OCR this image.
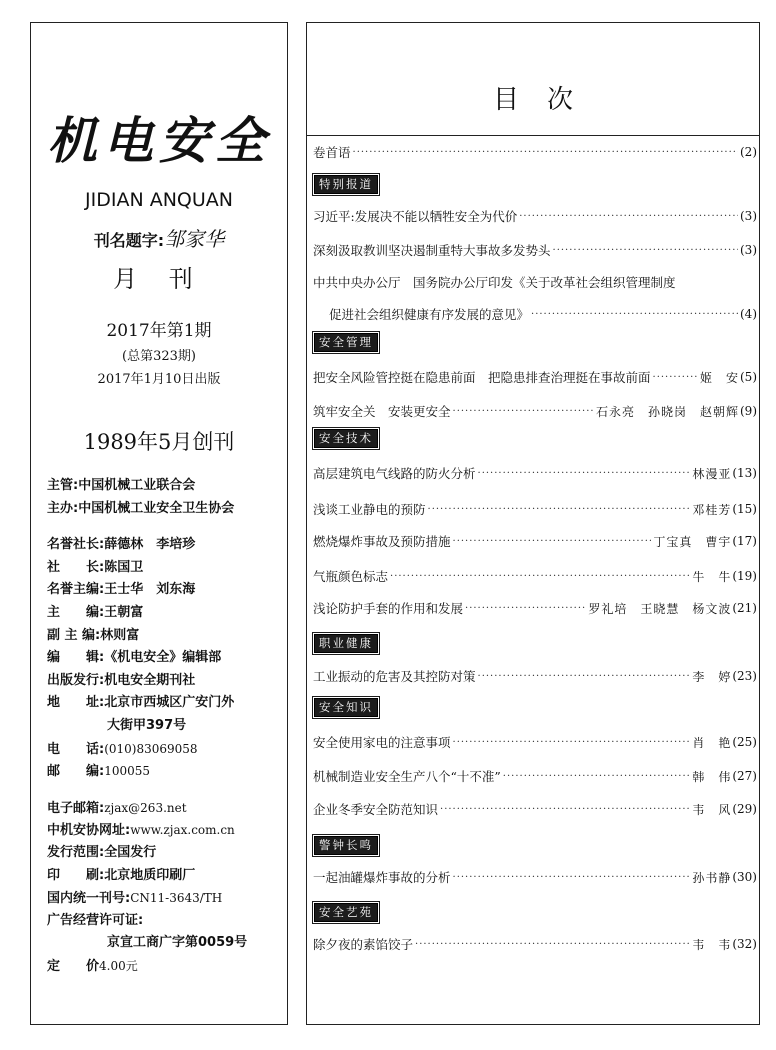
机电安全
JIDIAN ANQUAN
刊名题字:邹家华
月 刊
2017年第1期
(总第323期)
2017年1月10日出版
1989年5月创刊
主管:中国机械工业联合会
主办:中国机械工业安全卫生协会
名誉社长:薛德林　李培珍
社　　长:陈国卫
名誉主编:王士华　刘东海
主　　编:王朝富
副 主 编:林则富
编　　辑:《机电安全》编辑部
出版发行:机电安全期刊社
地　　址:北京市西城区广安门外
大街甲397号
电　　话:(010)83069058
邮　　编:100055
电子邮箱:zjax@263.net
中机安协网址:www.zjax.com.cn
发行范围:全国发行
印　　刷:北京地质印刷厂
国内统一刊号:CN11-3643/TH
广告经营许可证:
京宣工商广字第0059号
定　　价4.00元
目次
卷首语 ·····	(2)
特别报道
习近平:发展决不能以牺牲安全为代价 ·····	(3)
深刻汲取教训坚决遏制重特大事故多发势头 ·····	(3)
中共中央办公厅　国务院办公厅印发《关于改革社会组织管理制度
促进社会组织健康有序发展的意见》 ·····	(4)
安全管理
把安全风险管控挺在隐患前面　把隐患排查治理挺在事故前面 ·····	姬　安 (5)
筑牢安全关　安装更安全 ·····	石永亮　孙晓岗　赵朝辉 (9)
安全技术
高层建筑电气线路的防火分析 ·····	林漫亚 (13)
浅谈工业静电的预防 ·····	邓桂芳 (15)
燃烧爆炸事故及预防措施 ·····	丁宝真　曹宇 (17)
气瓶颜色标志 ·····	牛　牛 (19)
浅论防护手套的作用和发展 ·····	罗礼培　王晓慧　杨文波 (21)
职业健康
工业振动的危害及其控防对策 ·····	李　婷 (23)
安全知识
安全使用家电的注意事项 ·····	肖　艳 (25)
机械制造业安全生产八个“十不准” ·····	韩　伟 (27)
企业冬季安全防范知识 ·····	韦　风 (29)
警钟长鸣
一起油罐爆炸事故的分析 ·····	孙书静 (30)
安全艺苑
除夕夜的素馅饺子 ·····	韦　韦 (32)
